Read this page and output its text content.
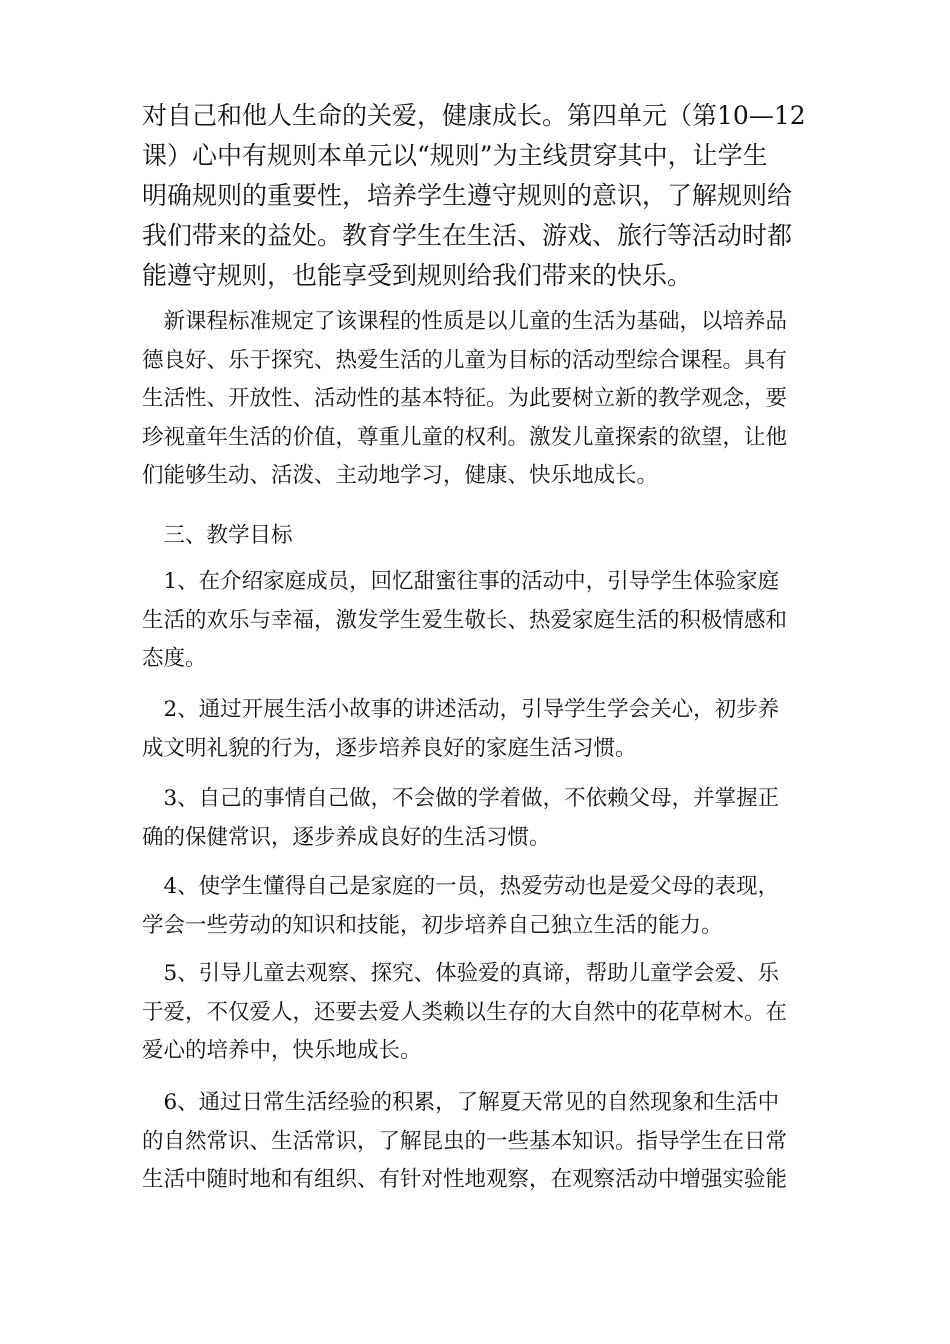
对自己和他人生命的关爱，健康成长。第四单元（第10—12
课）心中有规则本单元以“规则”为主线贯穿其中，让学生
明确规则的重要性，培养学生遵守规则的意识，了解规则给
我们带来的益处。教育学生在生活、游戏、旅行等活动时都
能遵守规则，也能享受到规则给我们带来的快乐。
　新课程标准规定了该课程的性质是以儿童的生活为基础，以培养品
德良好、乐于探究、热爱生活的儿童为目标的活动型综合课程。具有
生活性、开放性、活动性的基本特征。为此要树立新的教学观念，要
珍视童年生活的价值，尊重儿童的权利。激发儿童探索的欲望，让他
们能够生动、活泼、主动地学习，健康、快乐地成长。
　三、教学目标
　1、在介绍家庭成员，回忆甜蜜往事的活动中，引导学生体验家庭
生活的欢乐与幸福，激发学生爱生敬长、热爱家庭生活的积极情感和
态度。
　2、通过开展生活小故事的讲述活动，引导学生学会关心，初步养
成文明礼貌的行为，逐步培养良好的家庭生活习惯。
　3、自己的事情自己做，不会做的学着做，不依赖父母，并掌握正
确的保健常识，逐步养成良好的生活习惯。
　4、使学生懂得自己是家庭的一员，热爱劳动也是爱父母的表现，
学会一些劳动的知识和技能，初步培养自己独立生活的能力。
　5、引导儿童去观察、探究、体验爱的真谛，帮助儿童学会爱、乐
于爱，不仅爱人，还要去爱人类赖以生存的大自然中的花草树木。在
爱心的培养中，快乐地成长。
　6、通过日常生活经验的积累，了解夏天常见的自然现象和生活中
的自然常识、生活常识，了解昆虫的一些基本知识。指导学生在日常
生活中随时地和有组织、有针对性地观察，在观察活动中增强实验能
